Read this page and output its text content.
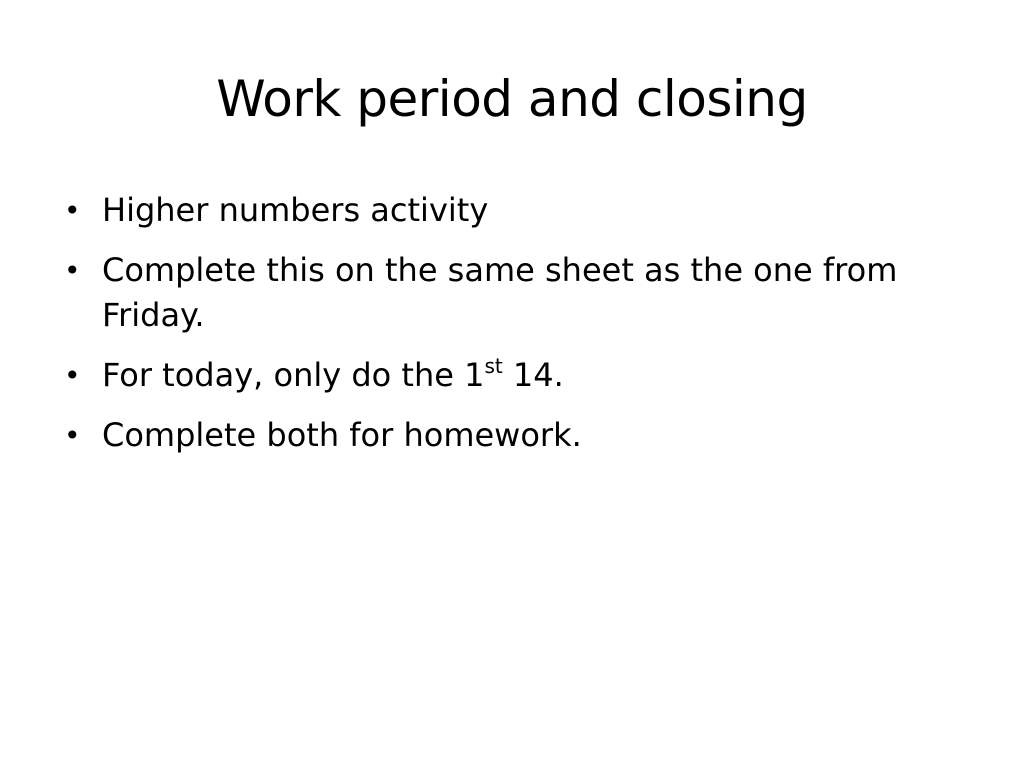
Work period and closing
• Higher numbers activity
• Complete this on the same sheet as the one from Friday.
• For today, only do the 1st 14.
• Complete both for homework.
